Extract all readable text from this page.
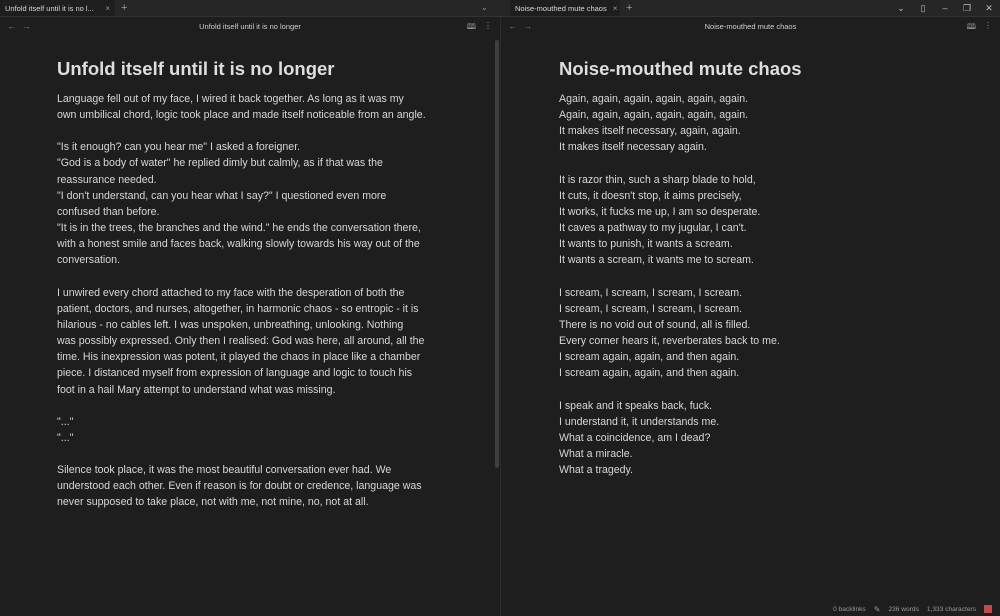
Unfold itself until it is no l... × +	⌄	Noise-mouthed mute chaos × +	⌄	▯	–	❐	✕
←→	Unfold itself until it is no longer	🕮 ⋮
Unfold itself until it is no longer
Language fell out of my face, I wired it back together. As long as it was my
own umbilical chord, logic took place and made itself noticeable from an angle.
"Is it enough? can you hear me" I asked a foreigner.
"God is a body of water" he replied dimly but calmly, as if that was the
reassurance needed.
"I don't understand, can you hear what I say?" I questioned even more
confused than before.
"It is in the trees, the branches and the wind." he ends the conversation there,
with a honest smile and faces back, walking slowly towards his way out of the
conversation.
I unwired every chord attached to my face with the desperation of both the
patient, doctors, and nurses, altogether, in harmonic chaos - so entropic - it is
hilarious - no cables left. I was unspoken, unbreathing, unlooking. Nothing
was possibly expressed. Only then I realised: God was here, all around, all the
time. His inexpression was potent, it played the chaos in place like a chamber
piece. I distanced myself from expression of language and logic to touch his
foot in a hail Mary attempt to understand what was missing.
"..."
"..."
Silence took place, it was the most beautiful conversation ever had. We
understood each other. Even if reason is for doubt or credence, language was
never supposed to take place, not with me, not mine, no, not at all.
←→	Noise-mouthed mute chaos	🕮 ⋮
Noise-mouthed mute chaos
Again, again, again, again, again, again.
Again, again, again, again, again, again.
It makes itself necessary, again, again.
It makes itself necessary again.
It is razor thin, such a sharp blade to hold,
It cuts, it doesn't stop, it aims precisely,
It works, it fucks me up, I am so desperate.
It caves a pathway to my jugular, I can't.
It wants to punish, it wants a scream.
It wants a scream, it wants me to scream.
I scream, I scream, I scream, I scream.
I scream, I scream, I scream, I scream.
There is no void out of sound, all is filled.
Every corner hears it, reverberates back to me.
I scream again, again, and then again.
I scream again, again, and then again.
I speak and it speaks back, fuck.
I understand it, it understands me.
What a coincidence, am I dead?
What a miracle.
What a tragedy.
0 backlinks ✎ 236 words 1,333 characters
